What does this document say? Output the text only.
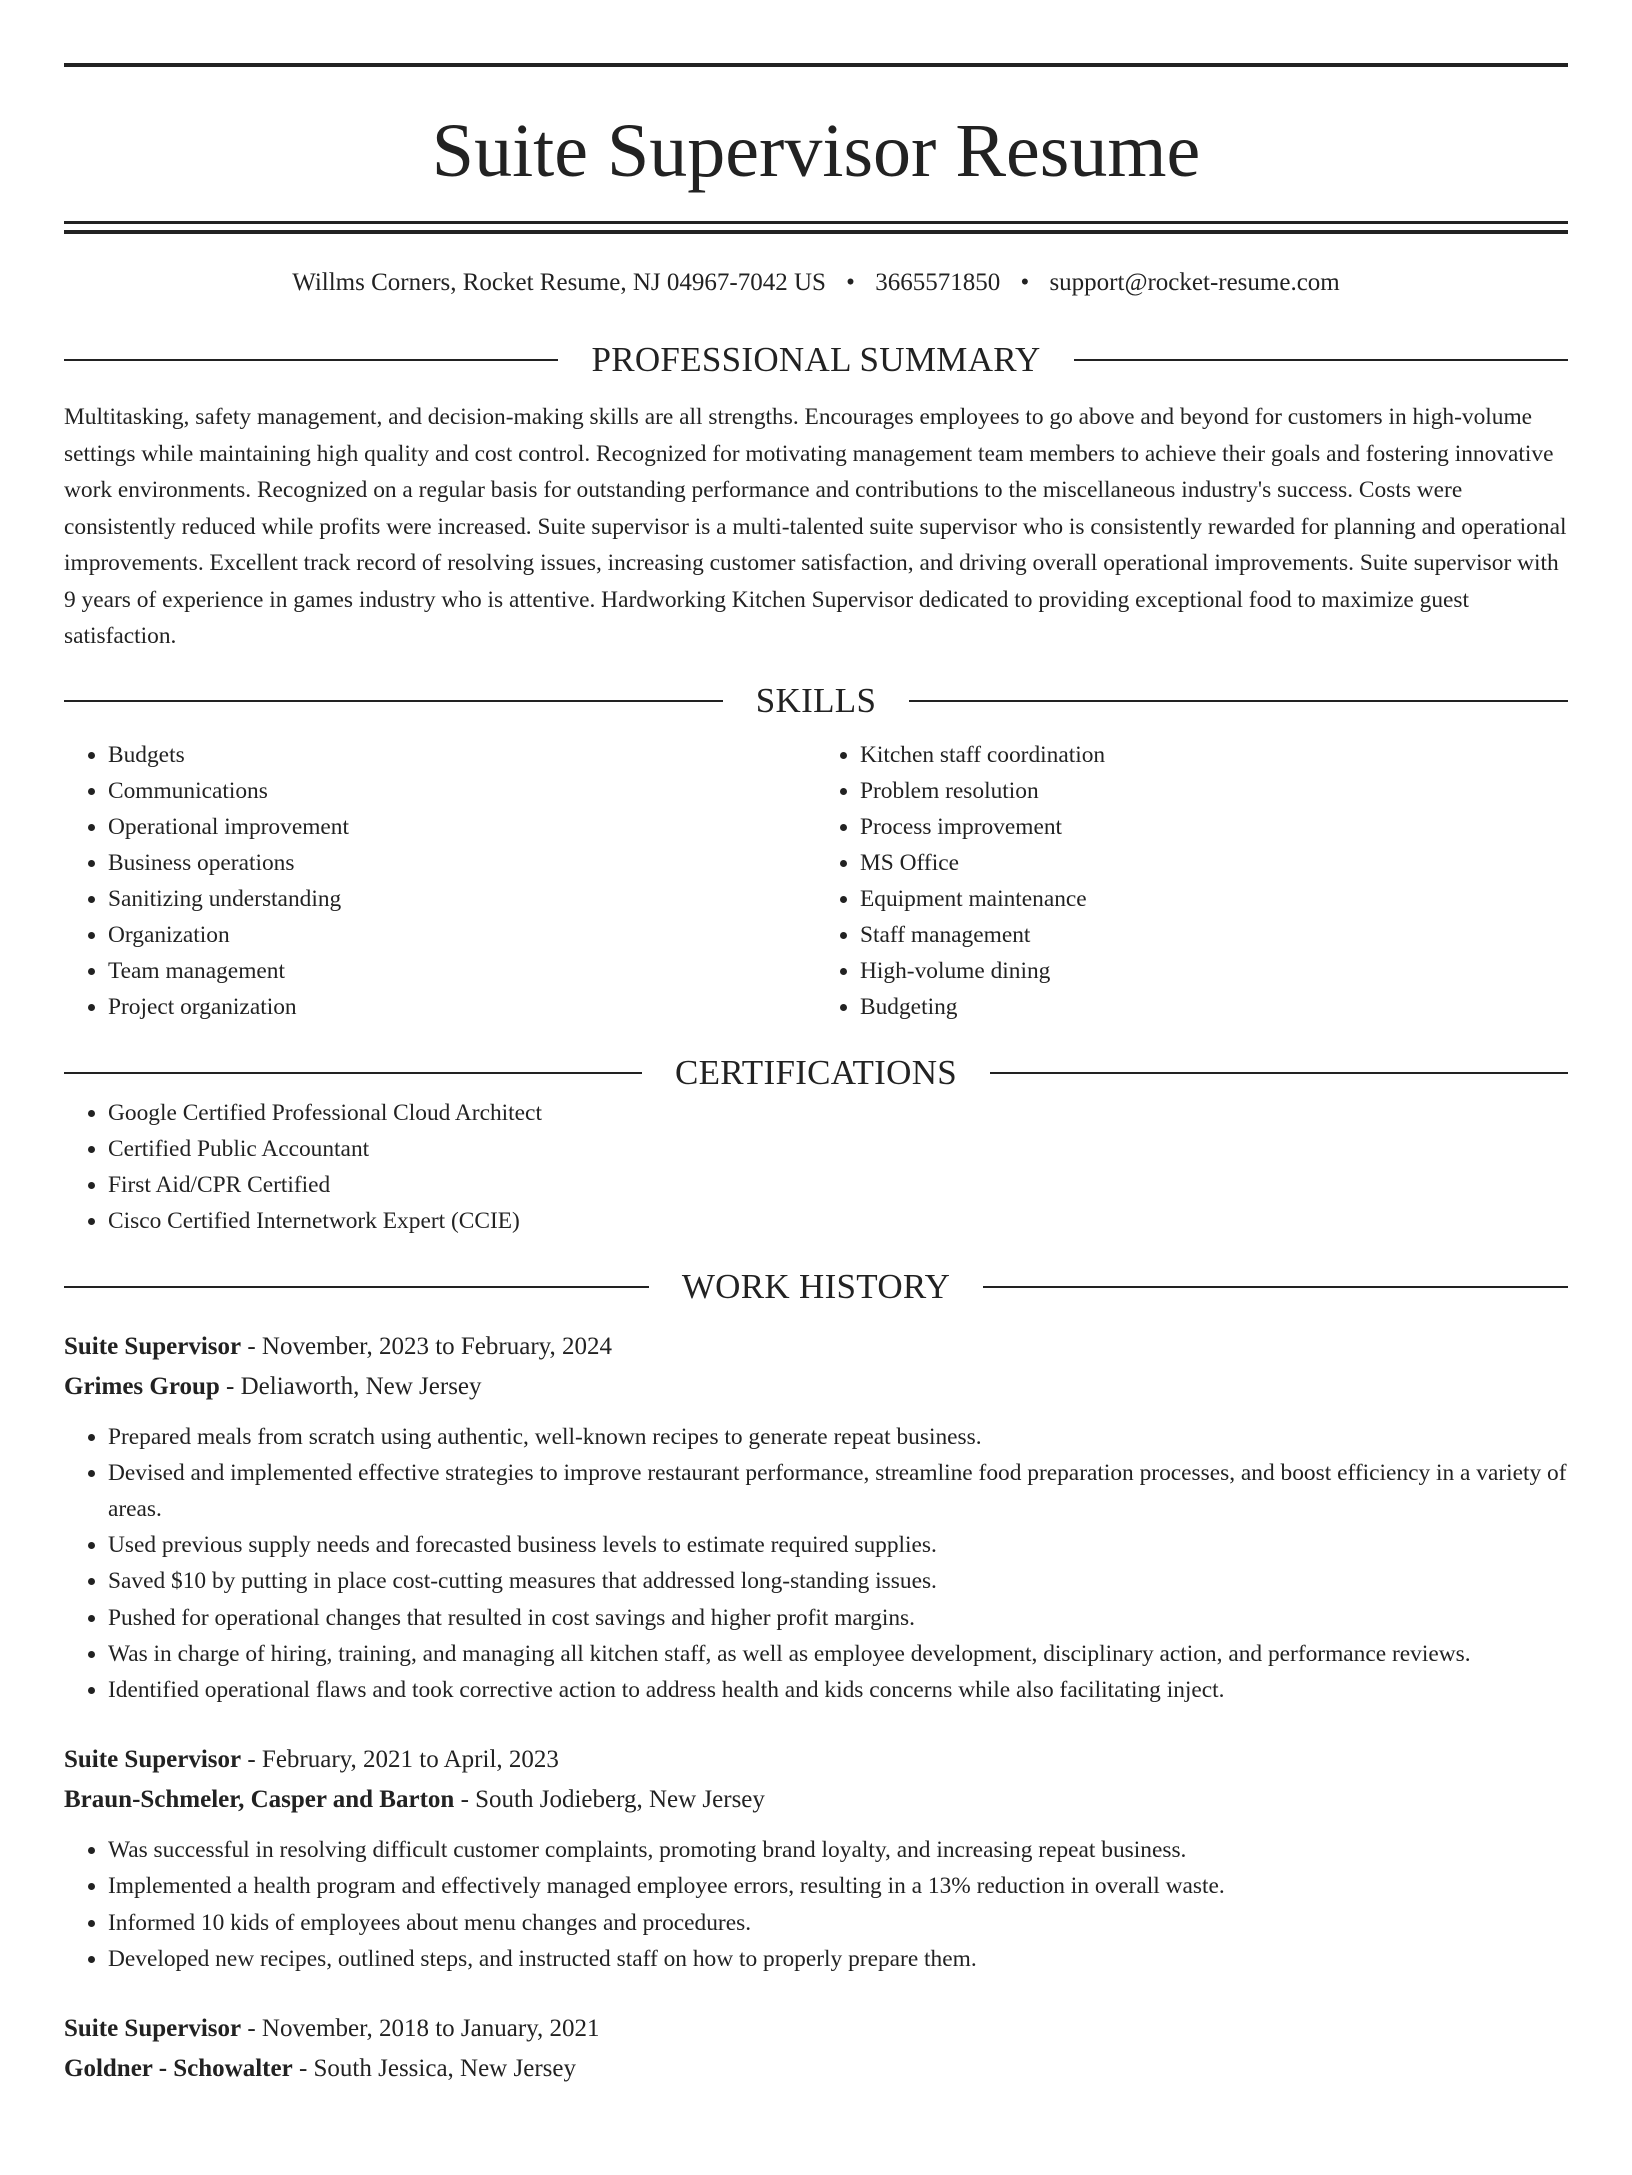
Suite Supervisor Resume
Willms Corners, Rocket Resume, NJ 04967-7042 US • 3665571850 • support@rocket-resume.com
PROFESSIONAL SUMMARY

Multitasking, safety management, and decision-making skills are all strengths. Encourages employees to go above and beyond for customers in high-volume settings while maintaining high quality and cost control. Recognized for motivating management team members to achieve their goals and fostering innovative work environments. Recognized on a regular basis for outstanding performance and contributions to the miscellaneous industry's success. Costs were consistently reduced while profits were increased. Suite supervisor is a multi-talented suite supervisor who is consistently rewarded for planning and operational improvements. Excellent track record of resolving issues, increasing customer satisfaction, and driving overall operational improvements. Suite supervisor with 9 years of experience in games industry who is attentive. Hardworking Kitchen Supervisor dedicated to providing exceptional food to maximize guest satisfaction.

SKILLS
• Budgets
• Communications
• Operational improvement
• Business operations
• Sanitizing understanding
• Organization
• Team management
• Project organization
• Kitchen staff coordination
• Problem resolution
• Process improvement
• MS Office
• Equipment maintenance
• Staff management
• High-volume dining
• Budgeting
CERTIFICATIONS
• Google Certified Professional Cloud Architect
• Certified Public Accountant
• First Aid/CPR Certified
• Cisco Certified Internetwork Expert (CCIE)
WORK HISTORY
Suite Supervisor - November, 2023 to February, 2024
Grimes Group - Deliaworth, New Jersey
• Prepared meals from scratch using authentic, well-known recipes to generate repeat business.
• Devised and implemented effective strategies to improve restaurant performance, streamline food preparation processes, and boost efficiency in a variety of areas.
• Used previous supply needs and forecasted business levels to estimate required supplies.
• Saved $10 by putting in place cost-cutting measures that addressed long-standing issues.
• Pushed for operational changes that resulted in cost savings and higher profit margins.
• Was in charge of hiring, training, and managing all kitchen staff, as well as employee development, disciplinary action, and performance reviews.
• Identified operational flaws and took corrective action to address health and kids concerns while also facilitating inject.
Suite Supervisor - February, 2021 to April, 2023
Braun-Schmeler, Casper and Barton - South Jodieberg, New Jersey
• Was successful in resolving difficult customer complaints, promoting brand loyalty, and increasing repeat business.
• Implemented a health program and effectively managed employee errors, resulting in a 13% reduction in overall waste.
• Informed 10 kids of employees about menu changes and procedures.
• Developed new recipes, outlined steps, and instructed staff on how to properly prepare them.
Suite Supervisor - November, 2018 to January, 2021
Goldner - Schowalter - South Jessica, New Jersey
